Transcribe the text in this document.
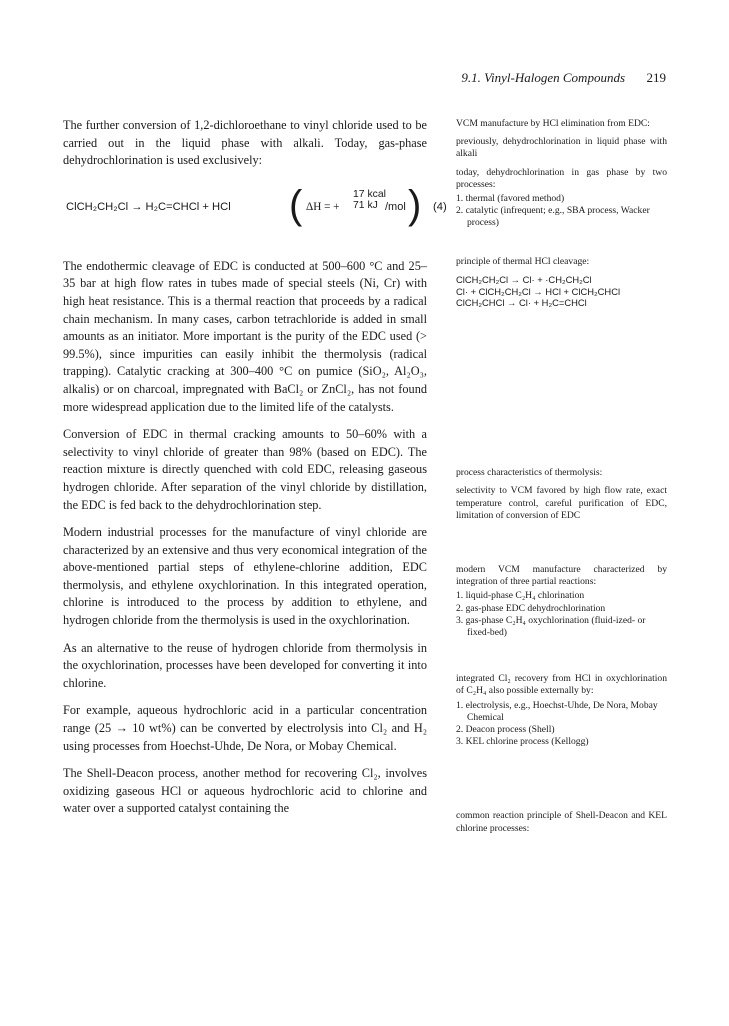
9.1. Vinyl-Halogen Compounds 219

The further conversion of 1,2-dichloroethane to vinyl chloride used to be carried out in the liquid phase with alkali. Today, gas-phase dehydrochlorination is used exclusively:

ClCH₂CH₂Cl → H₂C=CHCl + HCl ( ΔH = +
17 kcal
71 kJ /mol ) (4)

The endothermic cleavage of EDC is conducted at 500–600 °C and 25–35 bar at high flow rates in tubes made of special steels (Ni, Cr) with high heat resistance. This is a thermal reaction that proceeds by a radical chain mechanism. In many cases, carbon tetrachloride is added in small amounts as an initiator. More important is the purity of the EDC used (> 99.5%), since impurities can easily inhibit the thermolysis (radical trapping). Catalytic cracking at 300–400 °C on pumice (SiO₂, Al₂O₃, alkalis) or on charcoal, impregnated with BaCl₂ or ZnCl₂, has not found more widespread application due to the limited life of the catalysts.

Conversion of EDC in thermal cracking amounts to 50–60% with a selectivity to vinyl chloride of greater than 98% (based on EDC). The reaction mixture is directly quenched with cold EDC, releasing gaseous hydrogen chloride. After separation of the vinyl chloride by distillation, the EDC is fed back to the dehydrochlorination step.

Modern industrial processes for the manufacture of vinyl chloride are characterized by an extensive and thus very economical integration of the above-mentioned partial steps of ethylene-chlorine addition, EDC thermolysis, and ethylene oxychlorination. In this integrated operation, chlorine is introduced to the process by addition to ethylene, and hydrogen chloride from the thermolysis is used in the oxychlorination.

As an alternative to the reuse of hydrogen chloride from thermolysis in the oxychlorination, processes have been developed for converting it into chlorine.

For example, aqueous hydrochloric acid in a particular concentration range (25 → 10 wt%) can be converted by electrolysis into Cl₂ and H₂ using processes from Hoechst-Uhde, De Nora, or Mobay Chemical.

The Shell-Deacon process, another method for recovering Cl₂, involves oxidizing gaseous HCl or aqueous hydrochloric acid to chlorine and water over a supported catalyst containing the

VCM manufacture by HCl elimination from EDC:

previously, dehydrochlorination in liquid phase with alkali

today, dehydrochlorination in gas phase by two processes:

1. thermal (favored method)
2. catalytic (infrequent; e.g., SBA process, Wacker process)

principle of thermal HCl cleavage:

ClCH₂CH₂Cl → Cl· + ·CH₂CH₂Cl
Cl· + ClCH₂CH₂Cl → HCl + ClCH₂CHCl
ClCH₂CHCl → Cl· + H₂C=CHCl

process characteristics of thermolysis:

selectivity to VCM favored by high flow rate, exact temperature control, careful purification of EDC, limitation of conversion of EDC

modern VCM manufacture characterized by integration of three partial reactions:

1. liquid-phase C₂H₄ chlorination
2. gas-phase EDC dehydrochlorination
3. gas-phase C₂H₄ oxychlorination (fluid-ized- or fixed-bed)

integrated Cl₂ recovery from HCl in oxychlorination of C₂H₄ also possible externally by:

1. electrolysis, e.g., Hoechst-Uhde, De Nora, Mobay Chemical
2. Deacon process (Shell)
3. KEL chlorine process (Kellogg)

common reaction principle of Shell-Deacon and KEL chlorine processes:
